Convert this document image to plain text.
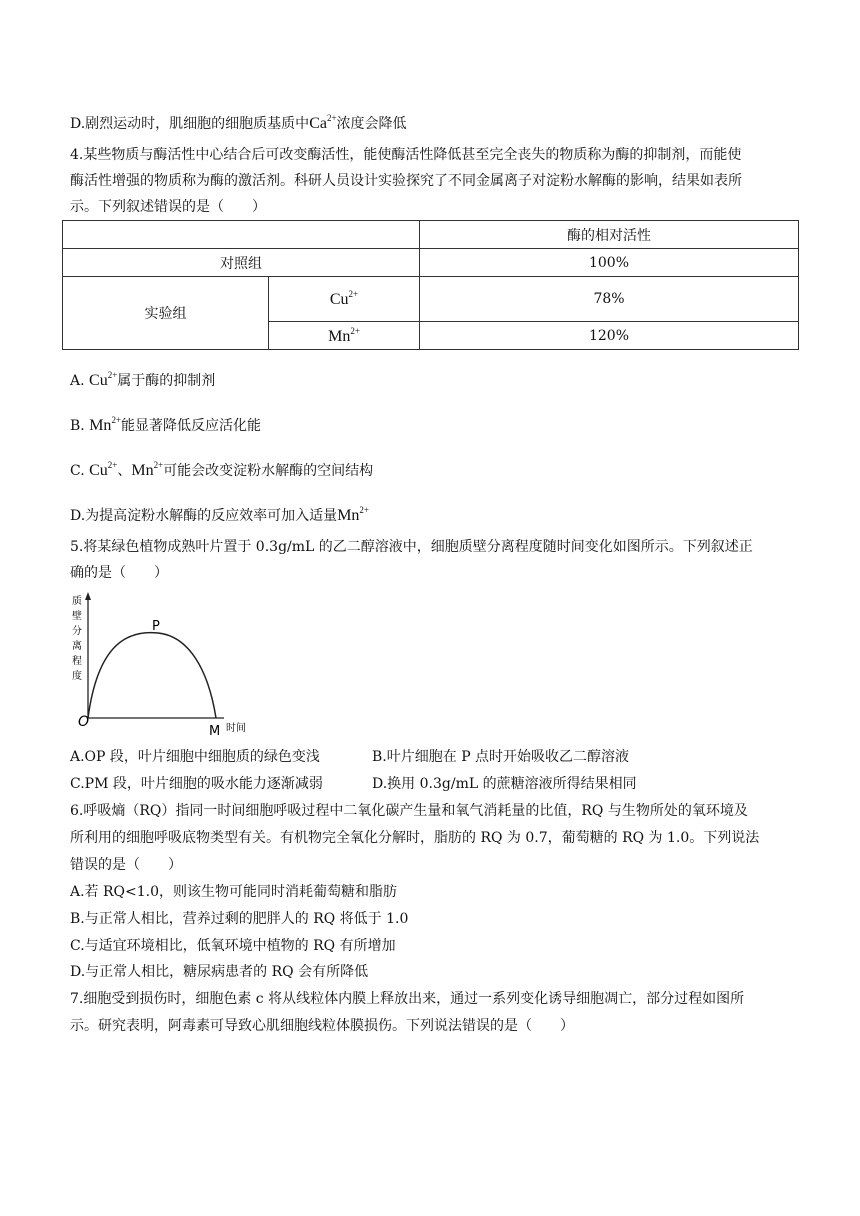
D.剧烈运动时，肌细胞的细胞质基质中$Ca^{2+}$浓度会降低
4.某些物质与酶活性中心结合后可改变酶活性，能使酶活性降低甚至完全丧失的物质称为酶的抑制剂，而能使
酶活性增强的物质称为酶的激活剂。科研人员设计实验探究了不同金属离子对淀粉水解酶的影响，结果如表所
示。下列叙述错误的是（　　）
		酶的相对活性
对照组		100%
实验组	$Cu^{2+}$	78%
	$Mn^{2+}$	120%
A. $Cu^{2+}$属于酶的抑制剂
B. $Mn^{2+}$能显著降低反应活化能
C. $Cu^{2+}$、$Mn^{2+}$可能会改变淀粉水解酶的空间结构
D.为提高淀粉水解酶的反应效率可加入适量$Mn^{2+}$
5.将某绿色植物成熟叶片置于 0.3g/mL 的乙二醇溶液中，细胞质壁分离程度随时间变化如图所示。下列叙述正
确的是（　　）
质
壁
分
离
程
度
O
P
M 时间
A.OP 段，叶片细胞中细胞质的绿色变浅	B.叶片细胞在 P 点时开始吸收乙二醇溶液
C.PM 段，叶片细胞的吸水能力逐渐减弱	D.换用 0.3g/mL 的蔗糖溶液所得结果相同
6.呼吸熵（RQ）指同一时间细胞呼吸过程中二氧化碳产生量和氧气消耗量的比值，RQ 与生物所处的氧环境及
所利用的细胞呼吸底物类型有关。有机物完全氧化分解时，脂肪的 RQ 为 0.7，葡萄糖的 RQ 为 1.0。下列说法
错误的是（　　）
A.若 RQ<1.0，则该生物可能同时消耗葡萄糖和脂肪
B.与正常人相比，营养过剩的肥胖人的 RQ 将低于 1.0
C.与适宜环境相比，低氧环境中植物的 RQ 有所增加
D.与正常人相比，糖尿病患者的 RQ 会有所降低
7.细胞受到损伤时，细胞色素 c 将从线粒体内膜上释放出来，通过一系列变化诱导细胞凋亡，部分过程如图所
示。研究表明，阿毒素可导致心肌细胞线粒体膜损伤。下列说法错误的是（　　）
